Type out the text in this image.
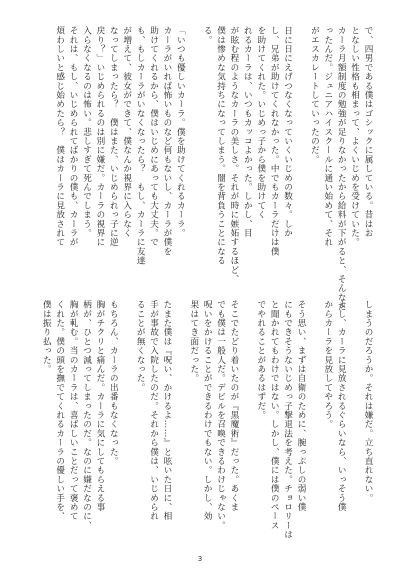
で、四男である僕はゴシックに属している。昔はお
となしい性格も相まって、よくいじめを受けていた。
カーラ月額制度の勉強が足りなかったから給料が下がると、そんなだ
ったんだ。ジュニアハイスクールに通い始めて、それ
がエスカレートしていったのだ。
日に日にえげつなくなっていくいじめの数々。しか
し、兄弟が助けてくれなかった。中でもカーラだけは僕
を助けてくれた。いじめっ子から僕を助けてく
れるカーラは、いつもカッコよかった。しかし、目
が眩む程のようなカーラの美しさ。それが時に嫉妬するほど、
僕は惨めな気持ちになってしまう。闇を背負うことになる
る。
「いつも優しいカーラ。僕を助けてくれるカーラ。
カーラがいれば怖いものなど何もないし、カーラが僕を
助けてくれるから、僕はいじめにあっても大丈夫。で
も、もしカーラがいなくなったら？　もし、カーラに友達
が増えて、彼女ができて、僕なんか視界に入らなく
なってしまったら？　僕はまた、いじめられっ子に逆
戻り？」いじめられるのは別に嫌だ。カーラの視界に
入らなくなるのは怖い。悲しすぎて死んでしまう。
それは、もし、いじめられてばかりの僕も、カーラが
煩わしいと感じ始めたら？　僕はカーラに見放されて
しまうのだろうか。それは嫌だ。立ち直れない。
よし、カーラに見放されるぐらいなら、いっそう僕
からカーラを見放してやろう。
そう思い、まずは自衛のために、腕っぷしの弱い僕
にもできそうないじめっ子撃退法を考えた。チョロリーは
と聞かれてもわけではない。しかし、僕には僕のペース
でやれることがあるはずだ。
そこでたどり着いたのが『黒魔術』だった。あくま
でも僕は一般人だ。デビルを召喚できるわけじゃない。
呪いをかけることができるわけでもない。しかし、効
果はてき面だった。
たまた僕は『呪い、かけるよ……』と呟いた日に、相
手が事故で入院したのだ。それから僕は、いじめられ
ることが無くなった。
もちろん、カーラの出番もなくなった。
胸がチクリと痛んだ。カーラに気にしてもらえる事
柄が、ひとつ減ってしまったのだ。なのに嫌だなのに、
胸が軋む。当のカーラは、喜ばしいことだって褒めて
くれた。僕の頭を撫でてくれるカーラの優しい手を、
僕は振り払った。
3
